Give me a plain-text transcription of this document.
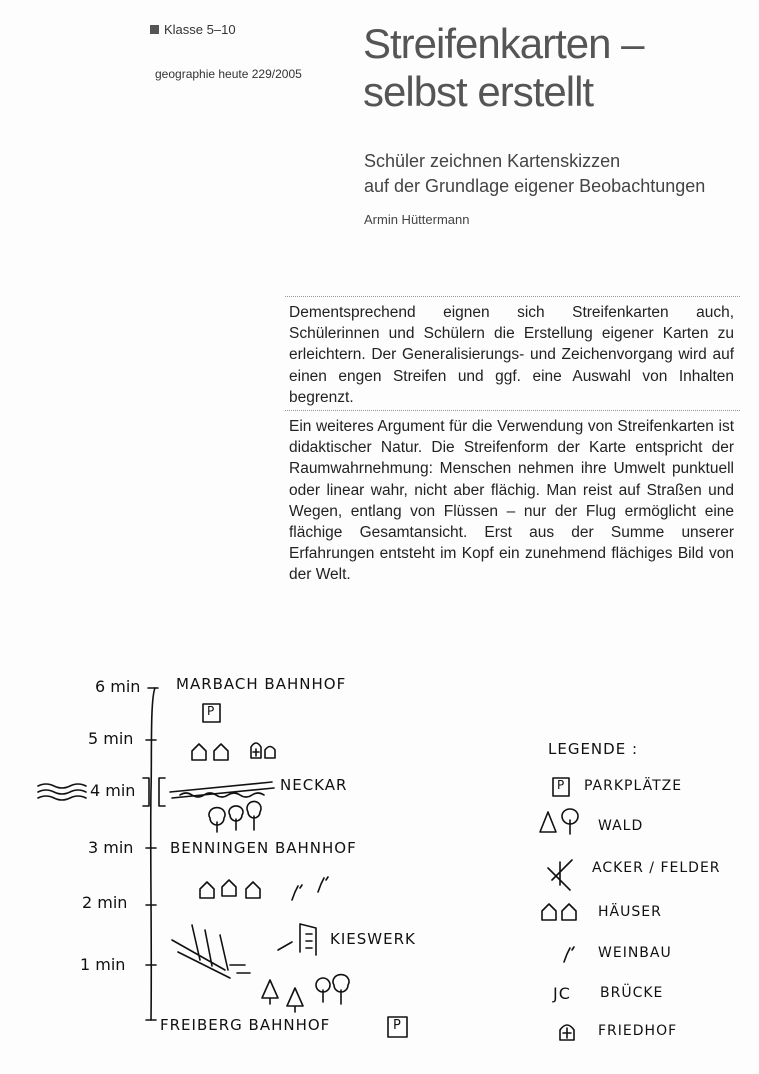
Klasse 5–10
geographie heute 229/2005
Streifenkarten –
selbst erstellt
Schüler zeichnen Kartenskizzen
auf der Grundlage eigener Beobachtungen
Armin Hüttermann
Dementsprechend eignen sich Streifenkarten auch, Schülerinnen und Schülern die Erstellung eigener Karten zu erleichtern. Der Generalisierungs- und Zeichenvorgang wird auf einen engen Streifen und ggf. eine Auswahl von Inhalten begrenzt.
Ein weiteres Argument für die Verwendung von Streifenkarten ist didaktischer Natur. Die Streifenform der Karte entspricht der Raumwahrnehmung: Menschen nehmen ihre Umwelt punktuell oder linear wahr, nicht aber flächig. Man reist auf Straßen und Wegen, entlang von Flüssen – nur der Flug ermöglicht eine flächige Gesamtansicht. Erst aus der Summe unserer Erfahrungen entsteht im Kopf ein zunehmend flächiges Bild von der Welt.
6 min
5 min
4 min
3 min
2 min
1 min
MARBACH BAHNHOF
P
NECKAR
BENNINGEN BAHNHOF
KIESWERK
FREIBERG BAHNHOF	P
LEGENDE :
P PARKPLÄTZE
WALD
ACKER / FELDER
HÄUSER
WEINBAU
JC BRÜCKE
FRIEDHOF
